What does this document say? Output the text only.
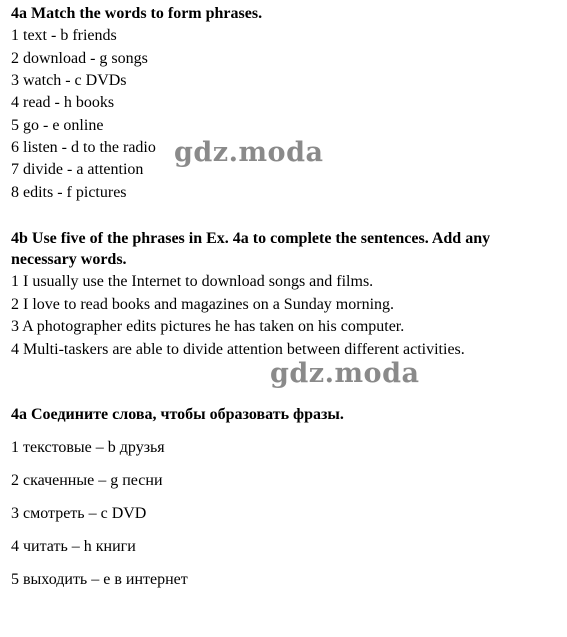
4a Match the words to form phrases.
1 text - b friends
2 download - g songs
3 watch - c DVDs
4 read - h books
5 go - e online
6 listen - d to the radio
7 divide - a attention
8 edits - f pictures
4b Use five of the phrases in Ex. 4a to complete the sentences. Add any
necessary words.
1 I usually use the Internet to download songs and films.
2 I love to read books and magazines on a Sunday morning.
3 A photographer edits pictures he has taken on his computer.
4 Multi-taskers are able to divide attention between different activities.
4a Соедините слова, чтобы образовать фразы.
1 текстовые – b друзья
2 скаченные – g песни
3 смотреть – c DVD
4 читать – h книги
5 выходить – e в интернет
gdz.moda
gdz.moda
